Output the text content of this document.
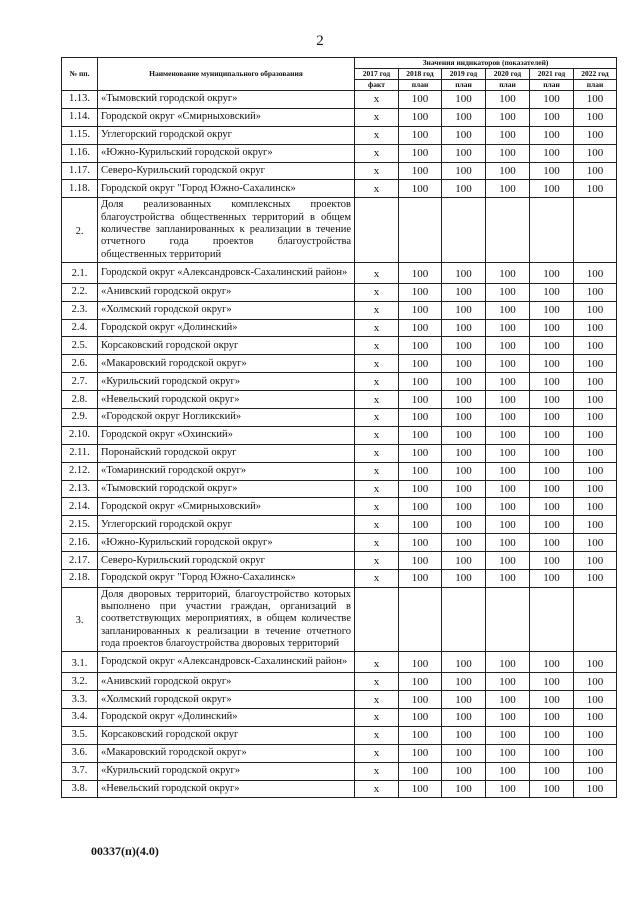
2
№ пп.	Наименование муниципального образования	Значения индикаторов (показателей)					
		2017 год	2018 год	2019 год	2020 год	2021 год	2022 год
		факт	план	план	план	план	план
1.13.	«Тымовский городской округ»	x	100	100	100	100	100
1.14.	Городской округ «Смирныховский»	x	100	100	100	100	100
1.15.	Углегорский городской округ	x	100	100	100	100	100
1.16.	«Южно-Курильский городской округ»	x	100	100	100	100	100
1.17.	Северо-Курильский городской округ	x	100	100	100	100	100
1.18.	Городской округ "Город Южно-Сахалинск»	x	100	100	100	100	100
2.	Доля реализованных комплексных проектов благоустройства общественных территорий в общем количестве запланированных к реализации в течение отчетного года проектов благоустройства общественных территорий						
2.1.	Городской округ «Александровск-Сахалинский район»	x	100	100	100	100	100
2.2.	«Анивский городской округ»	x	100	100	100	100	100
2.3.	«Холмский городской округ»	x	100	100	100	100	100
2.4.	Городской округ «Долинский»	x	100	100	100	100	100
2.5.	Корсаковский городской округ	x	100	100	100	100	100
2.6.	«Макаровский городской округ»	x	100	100	100	100	100
2.7.	«Курильский городской округ»	x	100	100	100	100	100
2.8.	«Невельский городской округ»	x	100	100	100	100	100
2.9.	«Городской округ Ногликский»	x	100	100	100	100	100
2.10.	Городской округ «Охинский»	x	100	100	100	100	100
2.11.	Поронайский городской округ	x	100	100	100	100	100
2.12.	«Томаринский городской округ»	x	100	100	100	100	100
2.13.	«Тымовский городской округ»	x	100	100	100	100	100
2.14.	Городской округ «Смирныховский»	x	100	100	100	100	100
2.15.	Углегорский городской округ	x	100	100	100	100	100
2.16.	«Южно-Курильский городской округ»	x	100	100	100	100	100
2.17.	Северо-Курильский городской округ	x	100	100	100	100	100
2.18.	Городской округ "Город Южно-Сахалинск»	x	100	100	100	100	100
3.	Доля дворовых территорий, благоустройство которых выполнено при участии граждан, организаций в соответствующих мероприятиях, в общем количестве запланированных к реализации в течение отчетного года проектов благоустройства дворовых территорий						
3.1.	Городской округ «Александровск-Сахалинский район»	x	100	100	100	100	100
3.2.	«Анивский городской округ»	x	100	100	100	100	100
3.3.	«Холмский городской округ»	x	100	100	100	100	100
3.4.	Городской округ «Долинский»	x	100	100	100	100	100
3.5.	Корсаковский городской округ	x	100	100	100	100	100
3.6.	«Макаровский городской округ»	x	100	100	100	100	100
3.7.	«Курильский городской округ»	x	100	100	100	100	100
3.8.	«Невельский городской округ»	x	100	100	100	100	100
00337(п)(4.0)
